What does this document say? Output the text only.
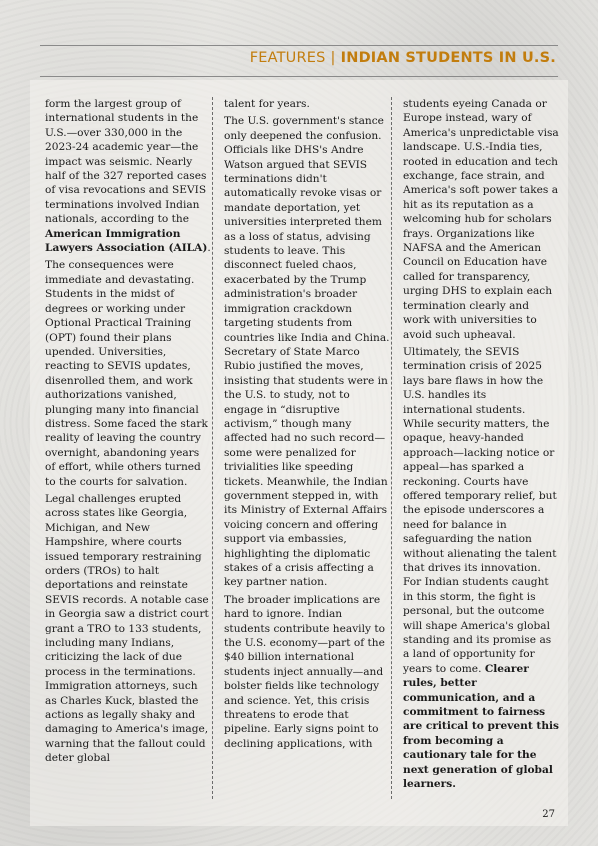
FEATURES | INDIAN STUDENTS IN U.S.

form the largest group of international students in the U.S.—over 330,000 in the 2023-24 academic year—the impact was seismic. Nearly half of the 327 reported cases of visa revocations and SEVIS terminations involved Indian nationals, according to the American Immigration Lawyers Association (AILA).

The consequences were immediate and devastating. Students in the midst of degrees or working under Optional Practical Training (OPT) found their plans upended. Universities, reacting to SEVIS updates, disenrolled them, and work authorizations vanished, plunging many into financial distress. Some faced the stark reality of leaving the country overnight, abandoning years of effort, while others turned to the courts for salvation.

Legal challenges erupted across states like Georgia, Michigan, and New Hampshire, where courts issued temporary restraining orders (TROs) to halt deportations and reinstate SEVIS records. A notable case in Georgia saw a district court grant a TRO to 133 students, including many Indians, criticizing the lack of due process in the terminations. Immigration attorneys, such as Charles Kuck, blasted the actions as legally shaky and damaging to America's image, warning that the fallout could deter global

talent for years.

The U.S. government's stance only deepened the confusion. Officials like DHS's Andre Watson argued that SEVIS terminations didn't automatically revoke visas or mandate deportation, yet universities interpreted them as a loss of status, advising students to leave. This disconnect fueled chaos, exacerbated by the Trump administration's broader immigration crackdown targeting students from countries like India and China. Secretary of State Marco Rubio justified the moves, insisting that students were in the U.S. to study, not to engage in “disruptive activism,” though many affected had no such record—some were penalized for trivialities like speeding tickets. Meanwhile, the Indian government stepped in, with its Ministry of External Affairs voicing concern and offering support via embassies, highlighting the diplomatic stakes of a crisis affecting a key partner nation.

The broader implications are hard to ignore. Indian students contribute heavily to the U.S. economy—part of the $40 billion international students inject annually—and bolster fields like technology and science. Yet, this crisis threatens to erode that pipeline. Early signs point to declining applications, with

students eyeing Canada or Europe instead, wary of America's unpredictable visa landscape. U.S.-India ties, rooted in education and tech exchange, face strain, and America's soft power takes a hit as its reputation as a welcoming hub for scholars frays. Organizations like NAFSA and the American Council on Education have called for transparency, urging DHS to explain each termination clearly and work with universities to avoid such upheaval.

Ultimately, the SEVIS termination crisis of 2025 lays bare flaws in how the U.S. handles its international students. While security matters, the opaque, heavy-handed approach—lacking notice or appeal—has sparked a reckoning. Courts have offered temporary relief, but the episode underscores a need for balance in safeguarding the nation without alienating the talent that drives its innovation. For Indian students caught in this storm, the fight is personal, but the outcome will shape America's global standing and its promise as a land of opportunity for years to come. Clearer rules, better communication, and a commitment to fairness are critical to prevent this from becoming a cautionary tale for the next generation of global learners.

27
